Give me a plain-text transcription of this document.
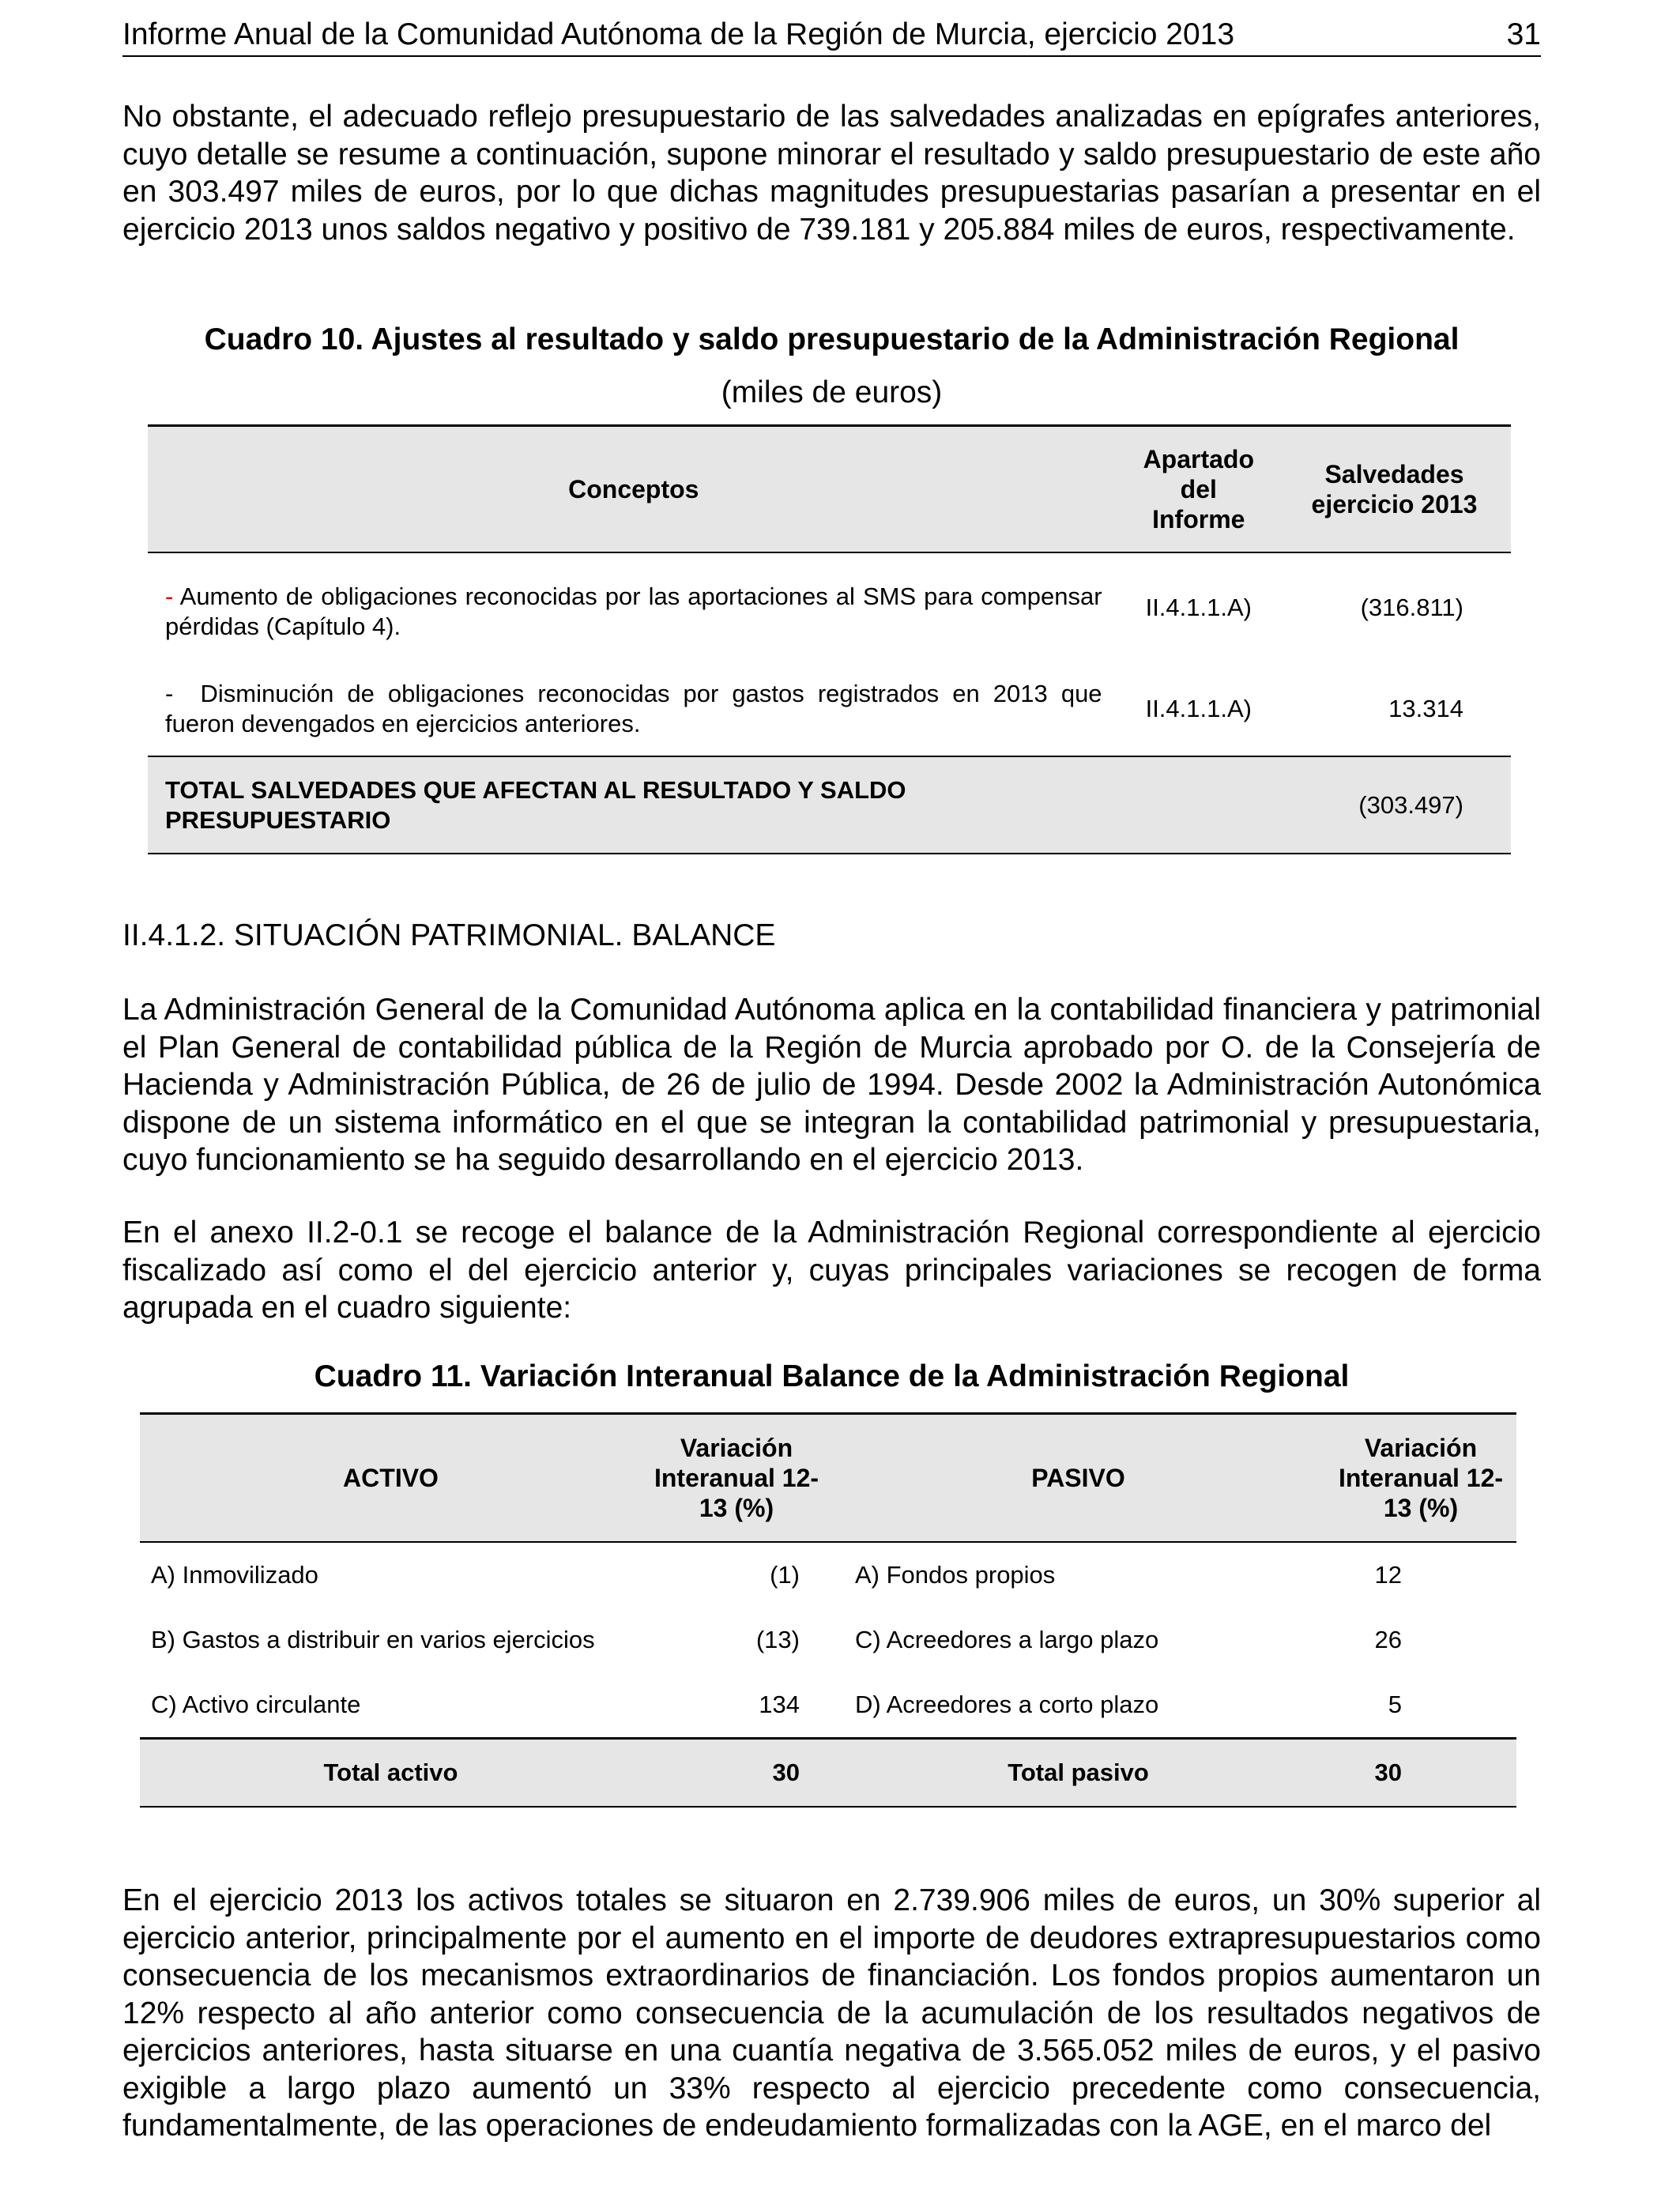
Informe Anual de la Comunidad Autónoma de la Región de Murcia, ejercicio 2013	31

No obstante, el adecuado reflejo presupuestario de las salvedades analizadas en epígrafes anteriores, cuyo detalle se resume a continuación, supone minorar el resultado y saldo presupuestario de este año en 303.497 miles de euros, por lo que dichas magnitudes presupuestarias pasarían a presentar en el ejercicio 2013 unos saldos negativo y positivo de 739.181 y 205.884 miles de euros, respectivamente.

Cuadro 10. Ajustes al resultado y saldo presupuestario de la Administración Regional

(miles de euros)

Conceptos	Apartado del Informe	Salvedades ejercicio 2013
- Aumento de obligaciones reconocidas por las aportaciones al SMS para compensar pérdidas (Capítulo 4).	II.4.1.1.A)	(316.811)
- Disminución de obligaciones reconocidas por gastos registrados en 2013 que fueron devengados en ejercicios anteriores.	II.4.1.1.A)	13.314
TOTAL SALVEDADES QUE AFECTAN AL RESULTADO Y SALDO PRESUPUESTARIO		(303.497)

II.4.1.2. SITUACIÓN PATRIMONIAL. BALANCE

La Administración General de la Comunidad Autónoma aplica en la contabilidad financiera y patrimonial el Plan General de contabilidad pública de la Región de Murcia aprobado por O. de la Consejería de Hacienda y Administración Pública, de 26 de julio de 1994. Desde 2002 la Administración Autonómica dispone de un sistema informático en el que se integran la contabilidad patrimonial y presupuestaria, cuyo funcionamiento se ha seguido desarrollando en el ejercicio 2013.

En el anexo II.2-0.1 se recoge el balance de la Administración Regional correspondiente al ejercicio fiscalizado así como el del ejercicio anterior y, cuyas principales variaciones se recogen de forma agrupada en el cuadro siguiente:

Cuadro 11. Variación Interanual Balance de la Administración Regional

ACTIVO	Variación Interanual 12-13 (%)	PASIVO	Variación Interanual 12-13 (%)
A) Inmovilizado	(1)	A) Fondos propios	12
B) Gastos a distribuir en varios ejercicios	(13)	C) Acreedores a largo plazo	26
C) Activo circulante	134	D) Acreedores a corto plazo	5
Total activo	30	Total pasivo	30

En el ejercicio 2013 los activos totales se situaron en 2.739.906 miles de euros, un 30% superior al ejercicio anterior, principalmente por el aumento en el importe de deudores extrapresupuestarios como consecuencia de los mecanismos extraordinarios de financiación. Los fondos propios aumentaron un 12% respecto al año anterior como consecuencia de la acumulación de los resultados negativos de ejercicios anteriores, hasta situarse en una cuantía negativa de 3.565.052 miles de euros, y el pasivo exigible a largo plazo aumentó un 33% respecto al ejercicio precedente como consecuencia, fundamentalmente, de las operaciones de endeudamiento formalizadas con la AGE, en el marco del
